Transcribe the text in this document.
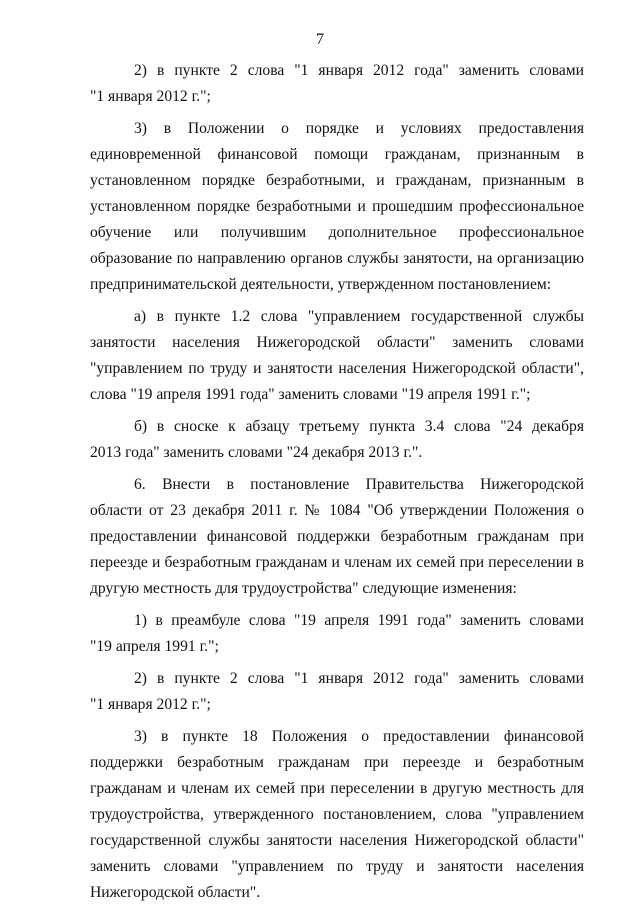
7

2) в пункте 2 слова "1 января 2012 года" заменить словами
"1 января 2012 г.";

3) в Положении о порядке и условиях предоставления
единовременной финансовой помощи гражданам, признанным в
установленном порядке безработными, и гражданам, признанным в
установленном порядке безработными и прошедшим профессиональное
обучение или получившим дополнительное профессиональное
образование по направлению органов службы занятости, на организацию
предпринимательской деятельности, утвержденном постановлением:

а) в пункте 1.2 слова "управлением государственной службы
занятости населения Нижегородской области" заменить словами
"управлением по труду и занятости населения Нижегородской области",
слова "19 апреля 1991 года" заменить словами "19 апреля 1991 г.";

б) в сноске к абзацу третьему пункта 3.4 слова "24 декабря
2013 года" заменить словами "24 декабря 2013 г.".

6. Внести в постановление Правительства Нижегородской
области от 23 декабря 2011 г. № 1084 "Об утверждении Положения о
предоставлении финансовой поддержки безработным гражданам при
переезде и безработным гражданам и членам их семей при переселении в
другую местность для трудоустройства" следующие изменения:

1) в преамбуле слова "19 апреля 1991 года" заменить словами
"19 апреля 1991 г.";

2) в пункте 2 слова "1 января 2012 года" заменить словами
"1 января 2012 г.";

3) в пункте 18 Положения о предоставлении финансовой
поддержки безработным гражданам при переезде и безработным
гражданам и членам их семей при переселении в другую местность для
трудоустройства, утвержденного постановлением, слова "управлением
государственной службы занятости населения Нижегородской области"
заменить словами "управлением по труду и занятости населения
Нижегородской области".
